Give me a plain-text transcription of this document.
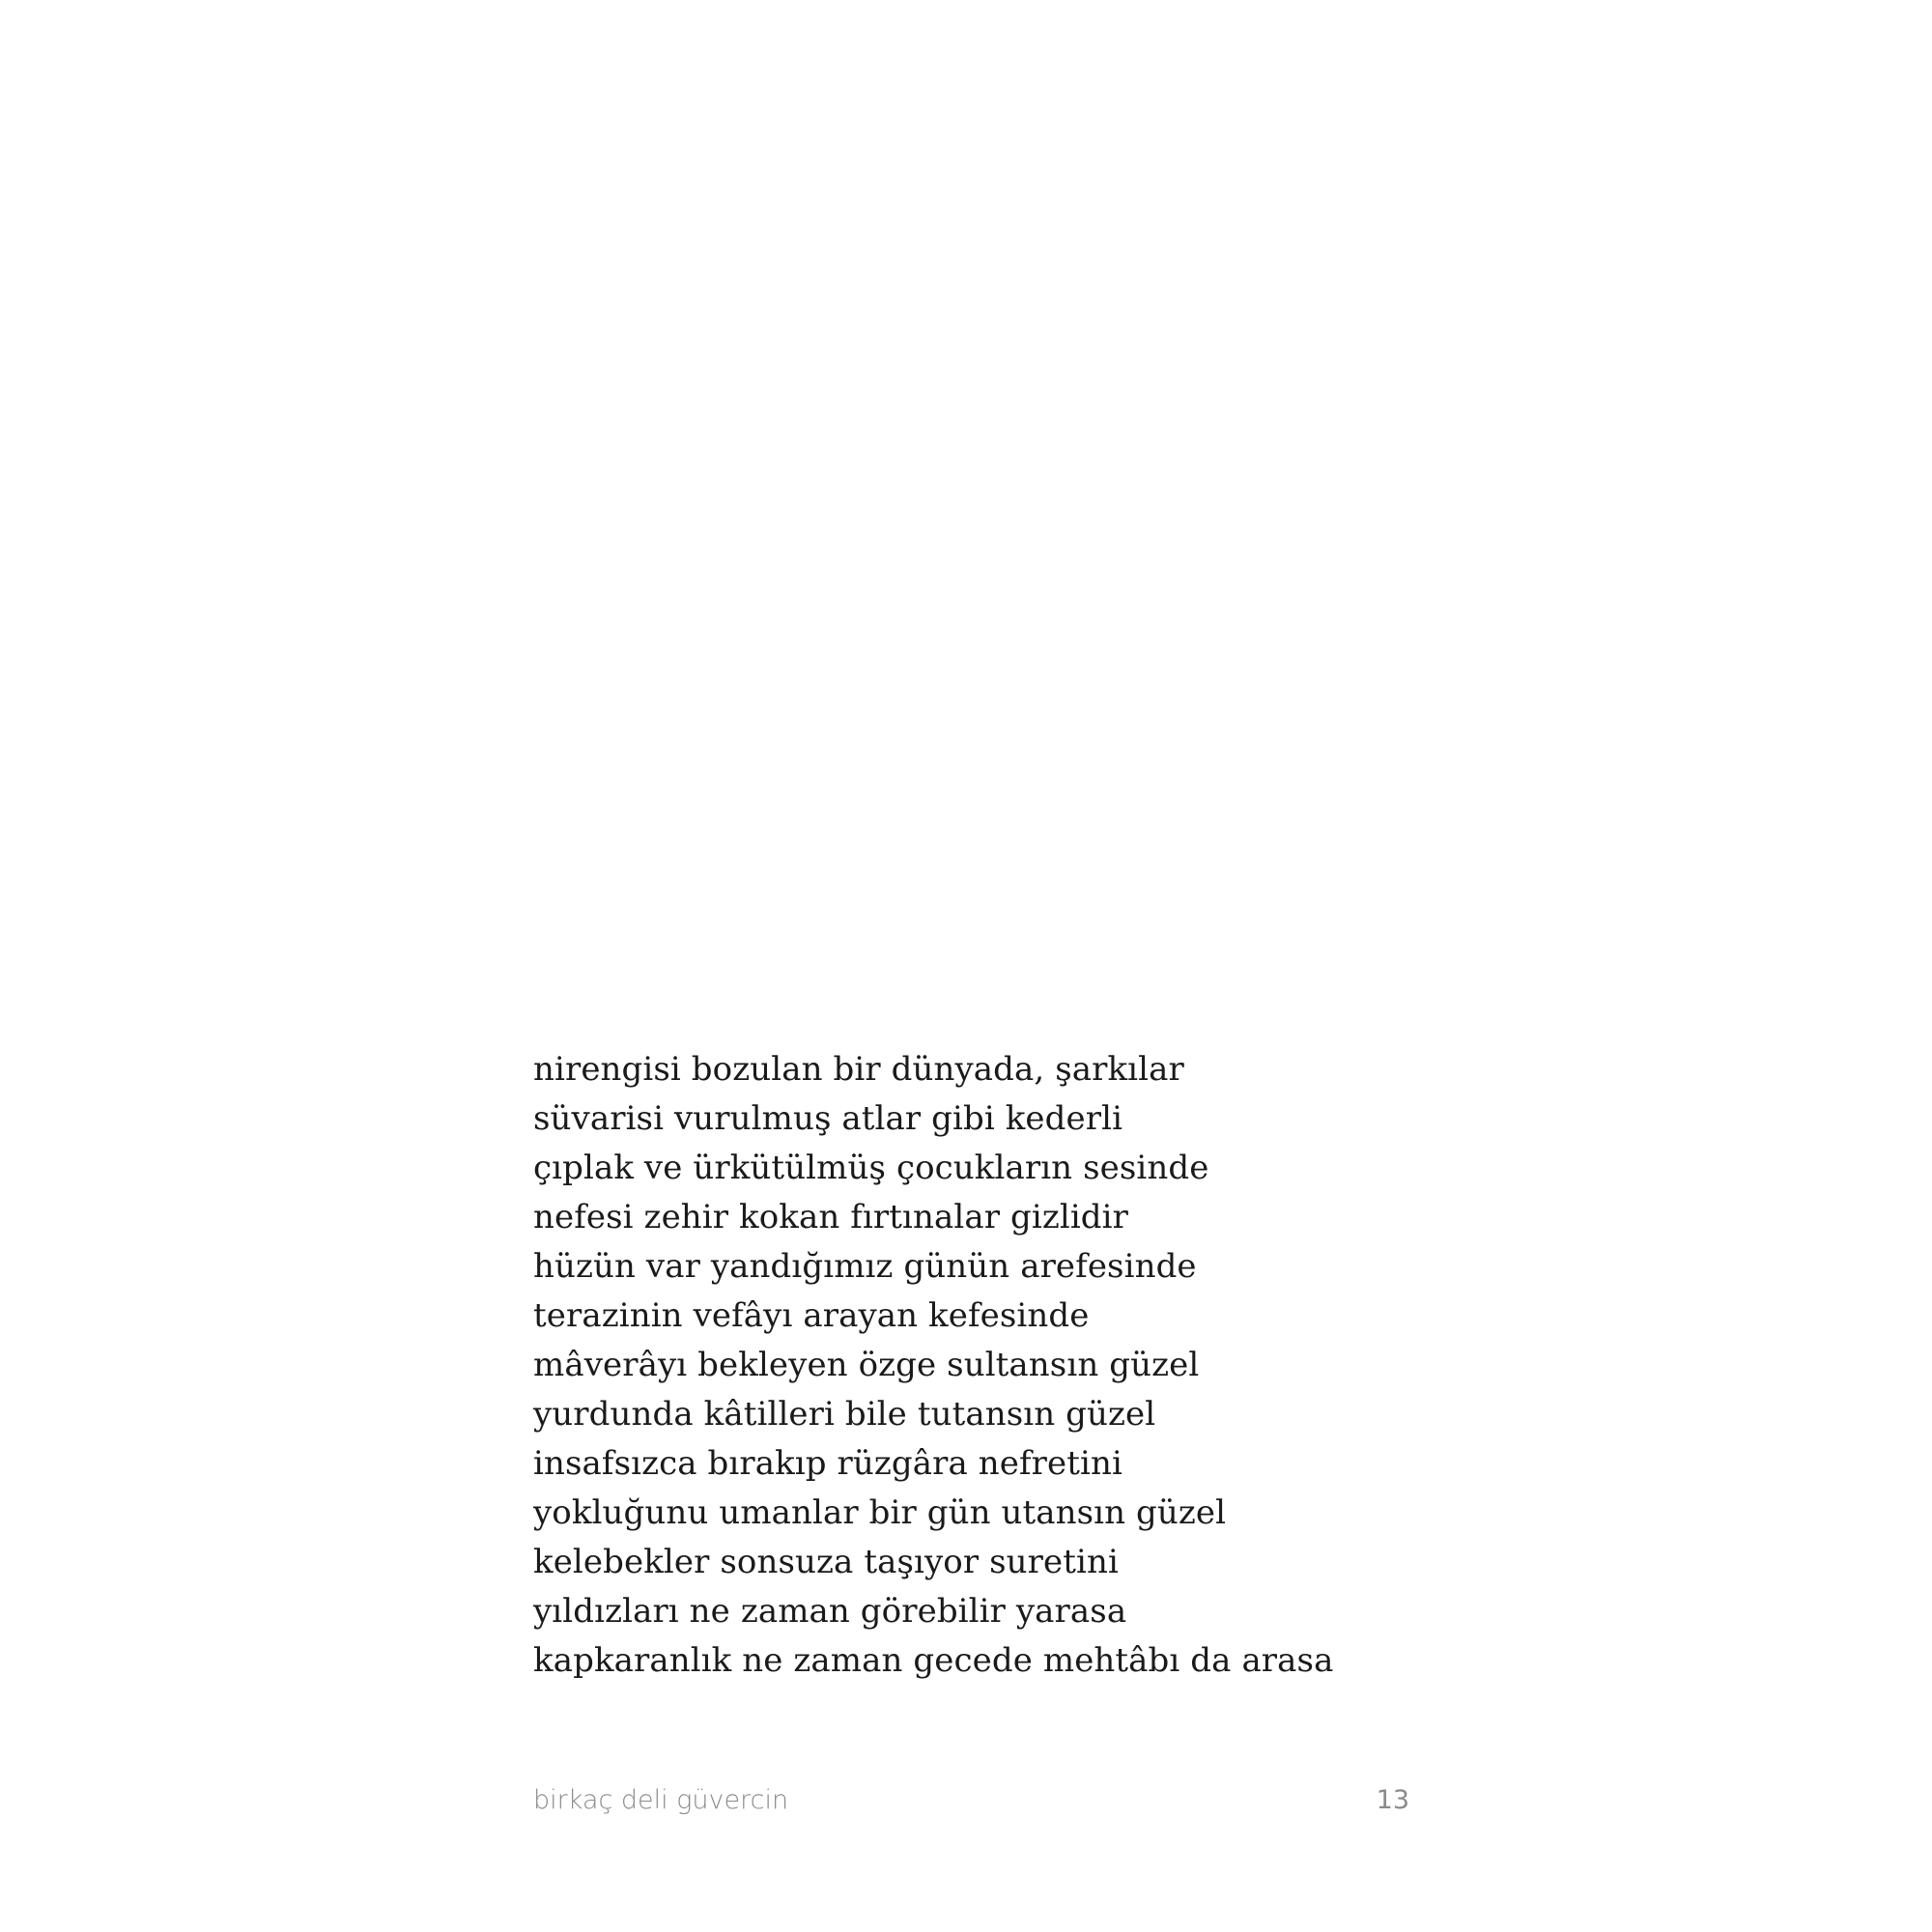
nirengisi bozulan bir dünyada, şarkılar
süvarisi vurulmuş atlar gibi kederli
çıplak ve ürkütülmüş çocukların sesinde
nefesi zehir kokan fırtınalar gizlidir
hüzün var yandığımız günün arefesinde
terazinin vefâyı arayan kefesinde
mâverâyı bekleyen özge sultansın güzel
yurdunda kâtilleri bile tutansın güzel
insafsızca bırakıp rüzgâra nefretini
yokluğunu umanlar bir gün utansın güzel
kelebekler sonsuza taşıyor suretini
yıldızları ne zaman görebilir yarasa
kapkaranlık ne zaman gecede mehtâbı da arasa
birkaç deli güvercin	13
